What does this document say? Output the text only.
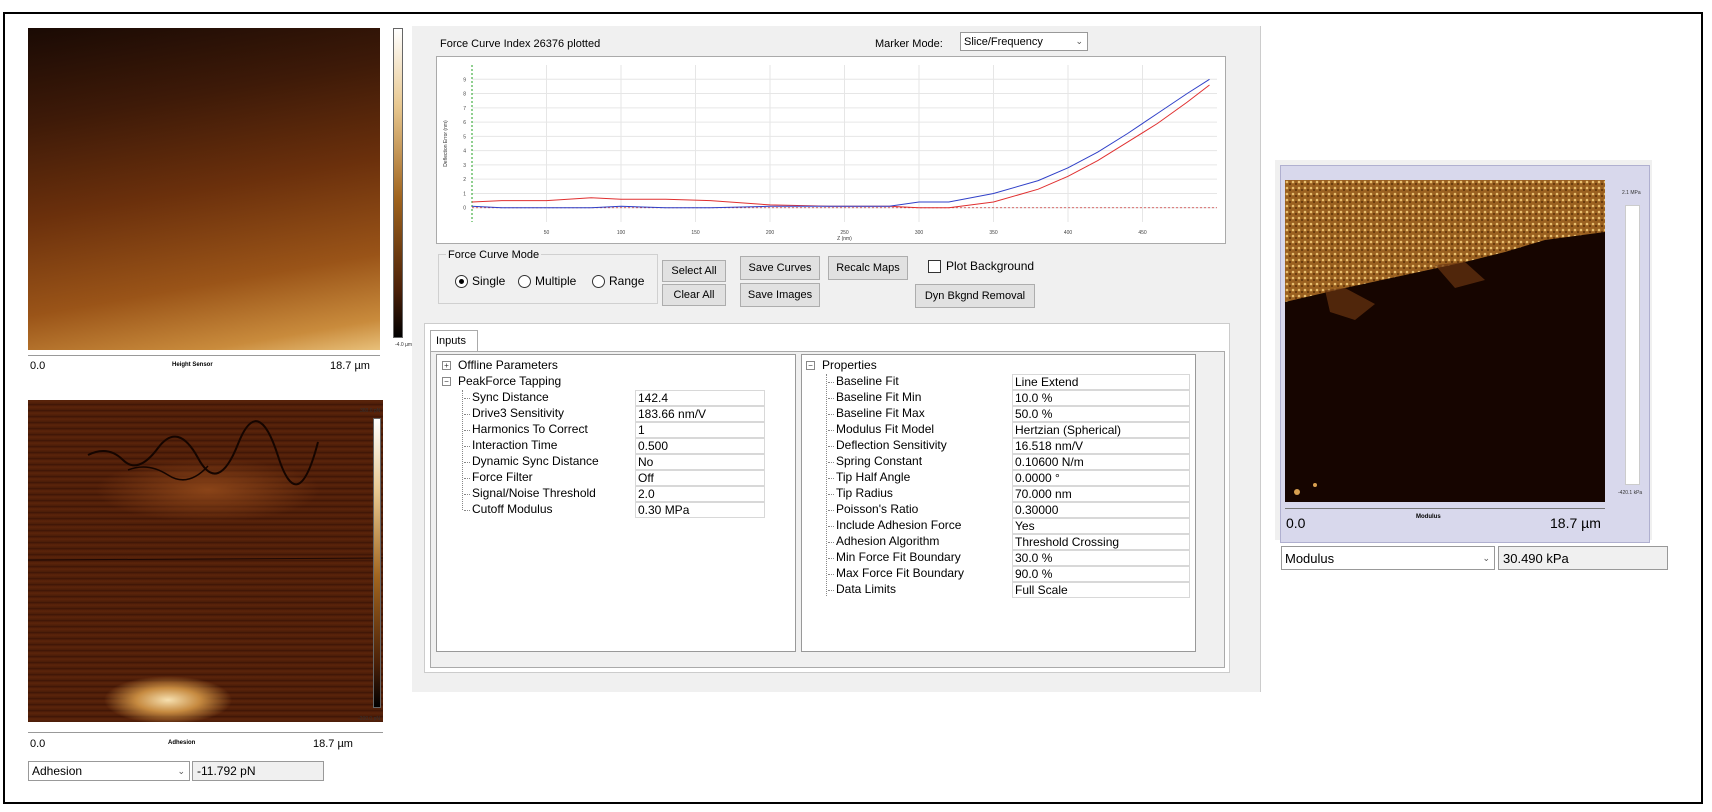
-4.0 µm
0.0	Height Sensor	18.7 µm
360.0 pN
-200.0 pN
0.0	Adhesion	18.7 µm
Adhesion	⌄ -11.792 pN
Force Curve Index 26376 plotted	Marker Mode: Slice/Frequency	⌄
50	100	150	200	250	300	350	400	450
0
1
2
3
4
5
6
7
8
9
Z (nm)
Deflection Error (nm)
Force Curve Mode
Single Multiple	Range
Select All
Clear All
Save Curves
Save Images
Recalc Maps	Plot Background
Dyn Bkgnd Removal
Inputs
+ Offline Parameters
− PeakForce Tapping
Sync Distance	142.4
Drive3 Sensitivity	183.66 nm/V
Harmonics To Correct	1
Interaction Time	0.500
Dynamic Sync Distance	No
Force Filter	Off
Signal/Noise Threshold	2.0
Cutoff Modulus	0.30 MPa
− Properties
Baseline Fit	Line Extend
Baseline Fit Min	10.0 %
Baseline Fit Max	50.0 %
Modulus Fit Model	Hertzian (Spherical)
Deflection Sensitivity	16.518 nm/V
Spring Constant	0.10600 N/m
Tip Half Angle	0.0000 °
Tip Radius	70.000 nm
Poisson's Ratio	0.30000
Include Adhesion Force	Yes
Adhesion Algorithm	Threshold Crossing
Min Force Fit Boundary	30.0 %
Max Force Fit Boundary	90.0 %
Data Limits	Full Scale
2.1 MPa
-420.1 kPa
0.0	Modulus	18.7 µm
Modulus	⌄ 30.490 kPa
